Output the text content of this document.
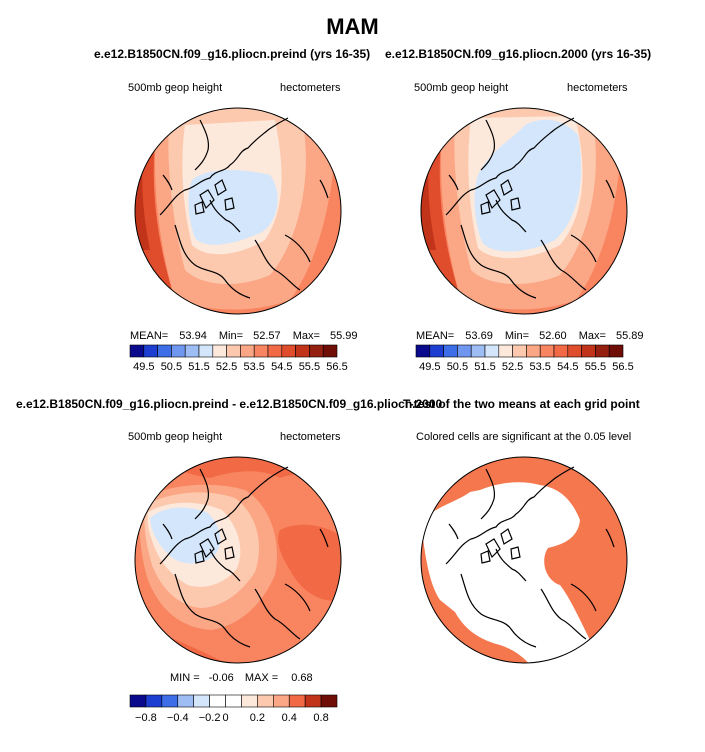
MAM
e.e12.B1850CN.f09_g16.pliocn.preind (yrs 16-35) e.e12.B1850CN.f09_g16.pliocn.2000 (yrs 16-35)
e.e12.B1850CN.f09_g16.pliocn.preind - e.e12.B1850CN.f09_g16.pliocn.2000
T-test of the two means at each grid point
500mb geop height	hectometers	500mb geop height	hectometers
500mb geop height	hectometers	Colored cells are significant at the 0.05 level
MEAN= 53.94 Min= 52.57 Max= 55.99	MEAN= 53.69 Min= 52.60 Max= 55.89
MIN = -0.06 MAX = 0.68
49.5 50.5 51.5 52.5 53.5 54.5 55.5 56.5	49.5 50.5 51.5 52.5 53.5 54.5 55.5 56.5
−0.8 −0.4 −0.2 0 0.2 0.4 0.8
